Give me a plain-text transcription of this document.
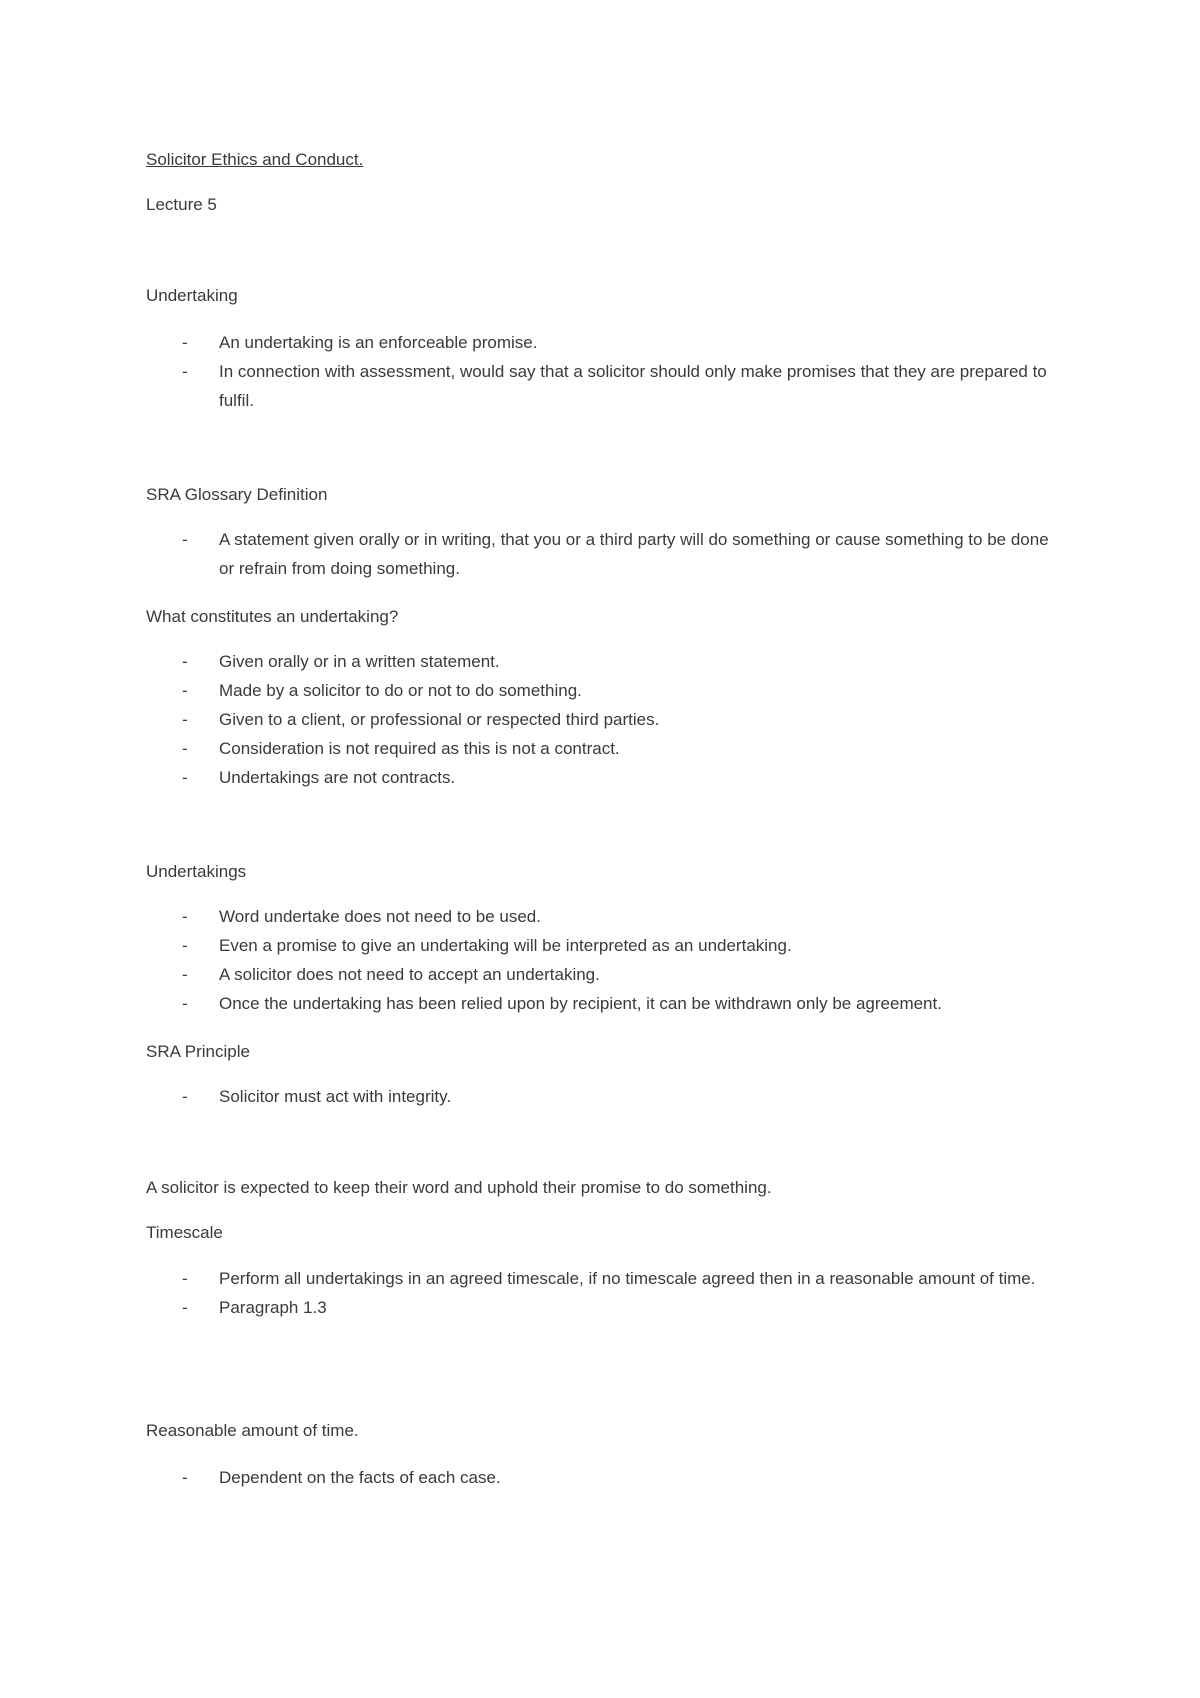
Solicitor Ethics and Conduct.

Lecture 5

Undertaking

- An undertaking is an enforceable promise.
- In connection with assessment, would say that a solicitor should only make promises that they are prepared to fulfil.

SRA Glossary Definition

- A statement given orally or in writing, that you or a third party will do something or cause something to be done or refrain from doing something.

What constitutes an undertaking?

- Given orally or in a written statement.
- Made by a solicitor to do or not to do something.
- Given to a client, or professional or respected third parties.
- Consideration is not required as this is not a contract.
- Undertakings are not contracts.

Undertakings

- Word undertake does not need to be used.
- Even a promise to give an undertaking will be interpreted as an undertaking.
- A solicitor does not need to accept an undertaking.
- Once the undertaking has been relied upon by recipient, it can be withdrawn only be agreement.

SRA Principle

- Solicitor must act with integrity.

A solicitor is expected to keep their word and uphold their promise to do something.

Timescale

- Perform all undertakings in an agreed timescale, if no timescale agreed then in a reasonable amount of time.
- Paragraph 1.3

Reasonable amount of time.

- Dependent on the facts of each case.
